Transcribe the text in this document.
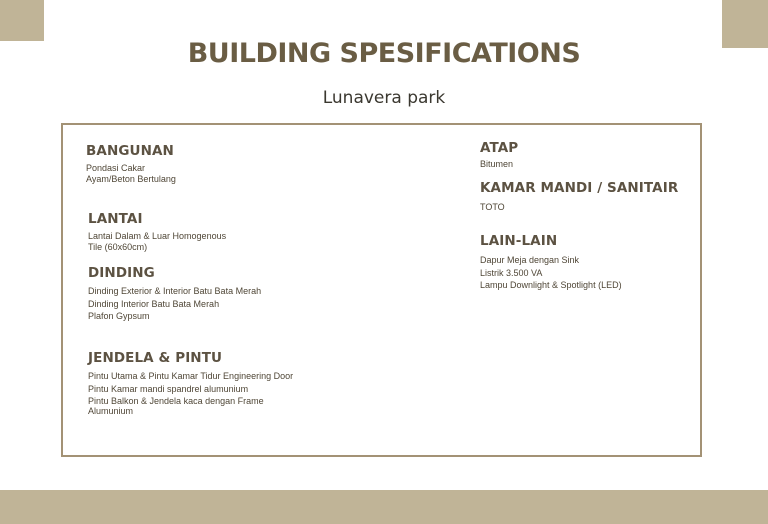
BUILDING SPESIFICATIONS
Lunavera park
BANGUNAN

Pondasi Cakar

Ayam/Beton Bertulang

LANTAI

Lantai Dalam & Luar Homogenous

Tile (60x60cm)

DINDING

Dinding Exterior & Interior Batu Bata Merah

Dinding Interior Batu Bata Merah

Plafon Gypsum

JENDELA & PINTU

Pintu Utama & Pintu Kamar Tidur Engineering Door

Pintu Kamar mandi spandrel alumunium

Pintu Balkon & Jendela kaca dengan Frame

Alumunium

ATAP

Bitumen

KAMAR MANDI / SANITAIR

TOTO

LAIN-LAIN

Dapur Meja dengan Sink

Listrik 3.500 VA

Lampu Downlight & Spotlight (LED)
